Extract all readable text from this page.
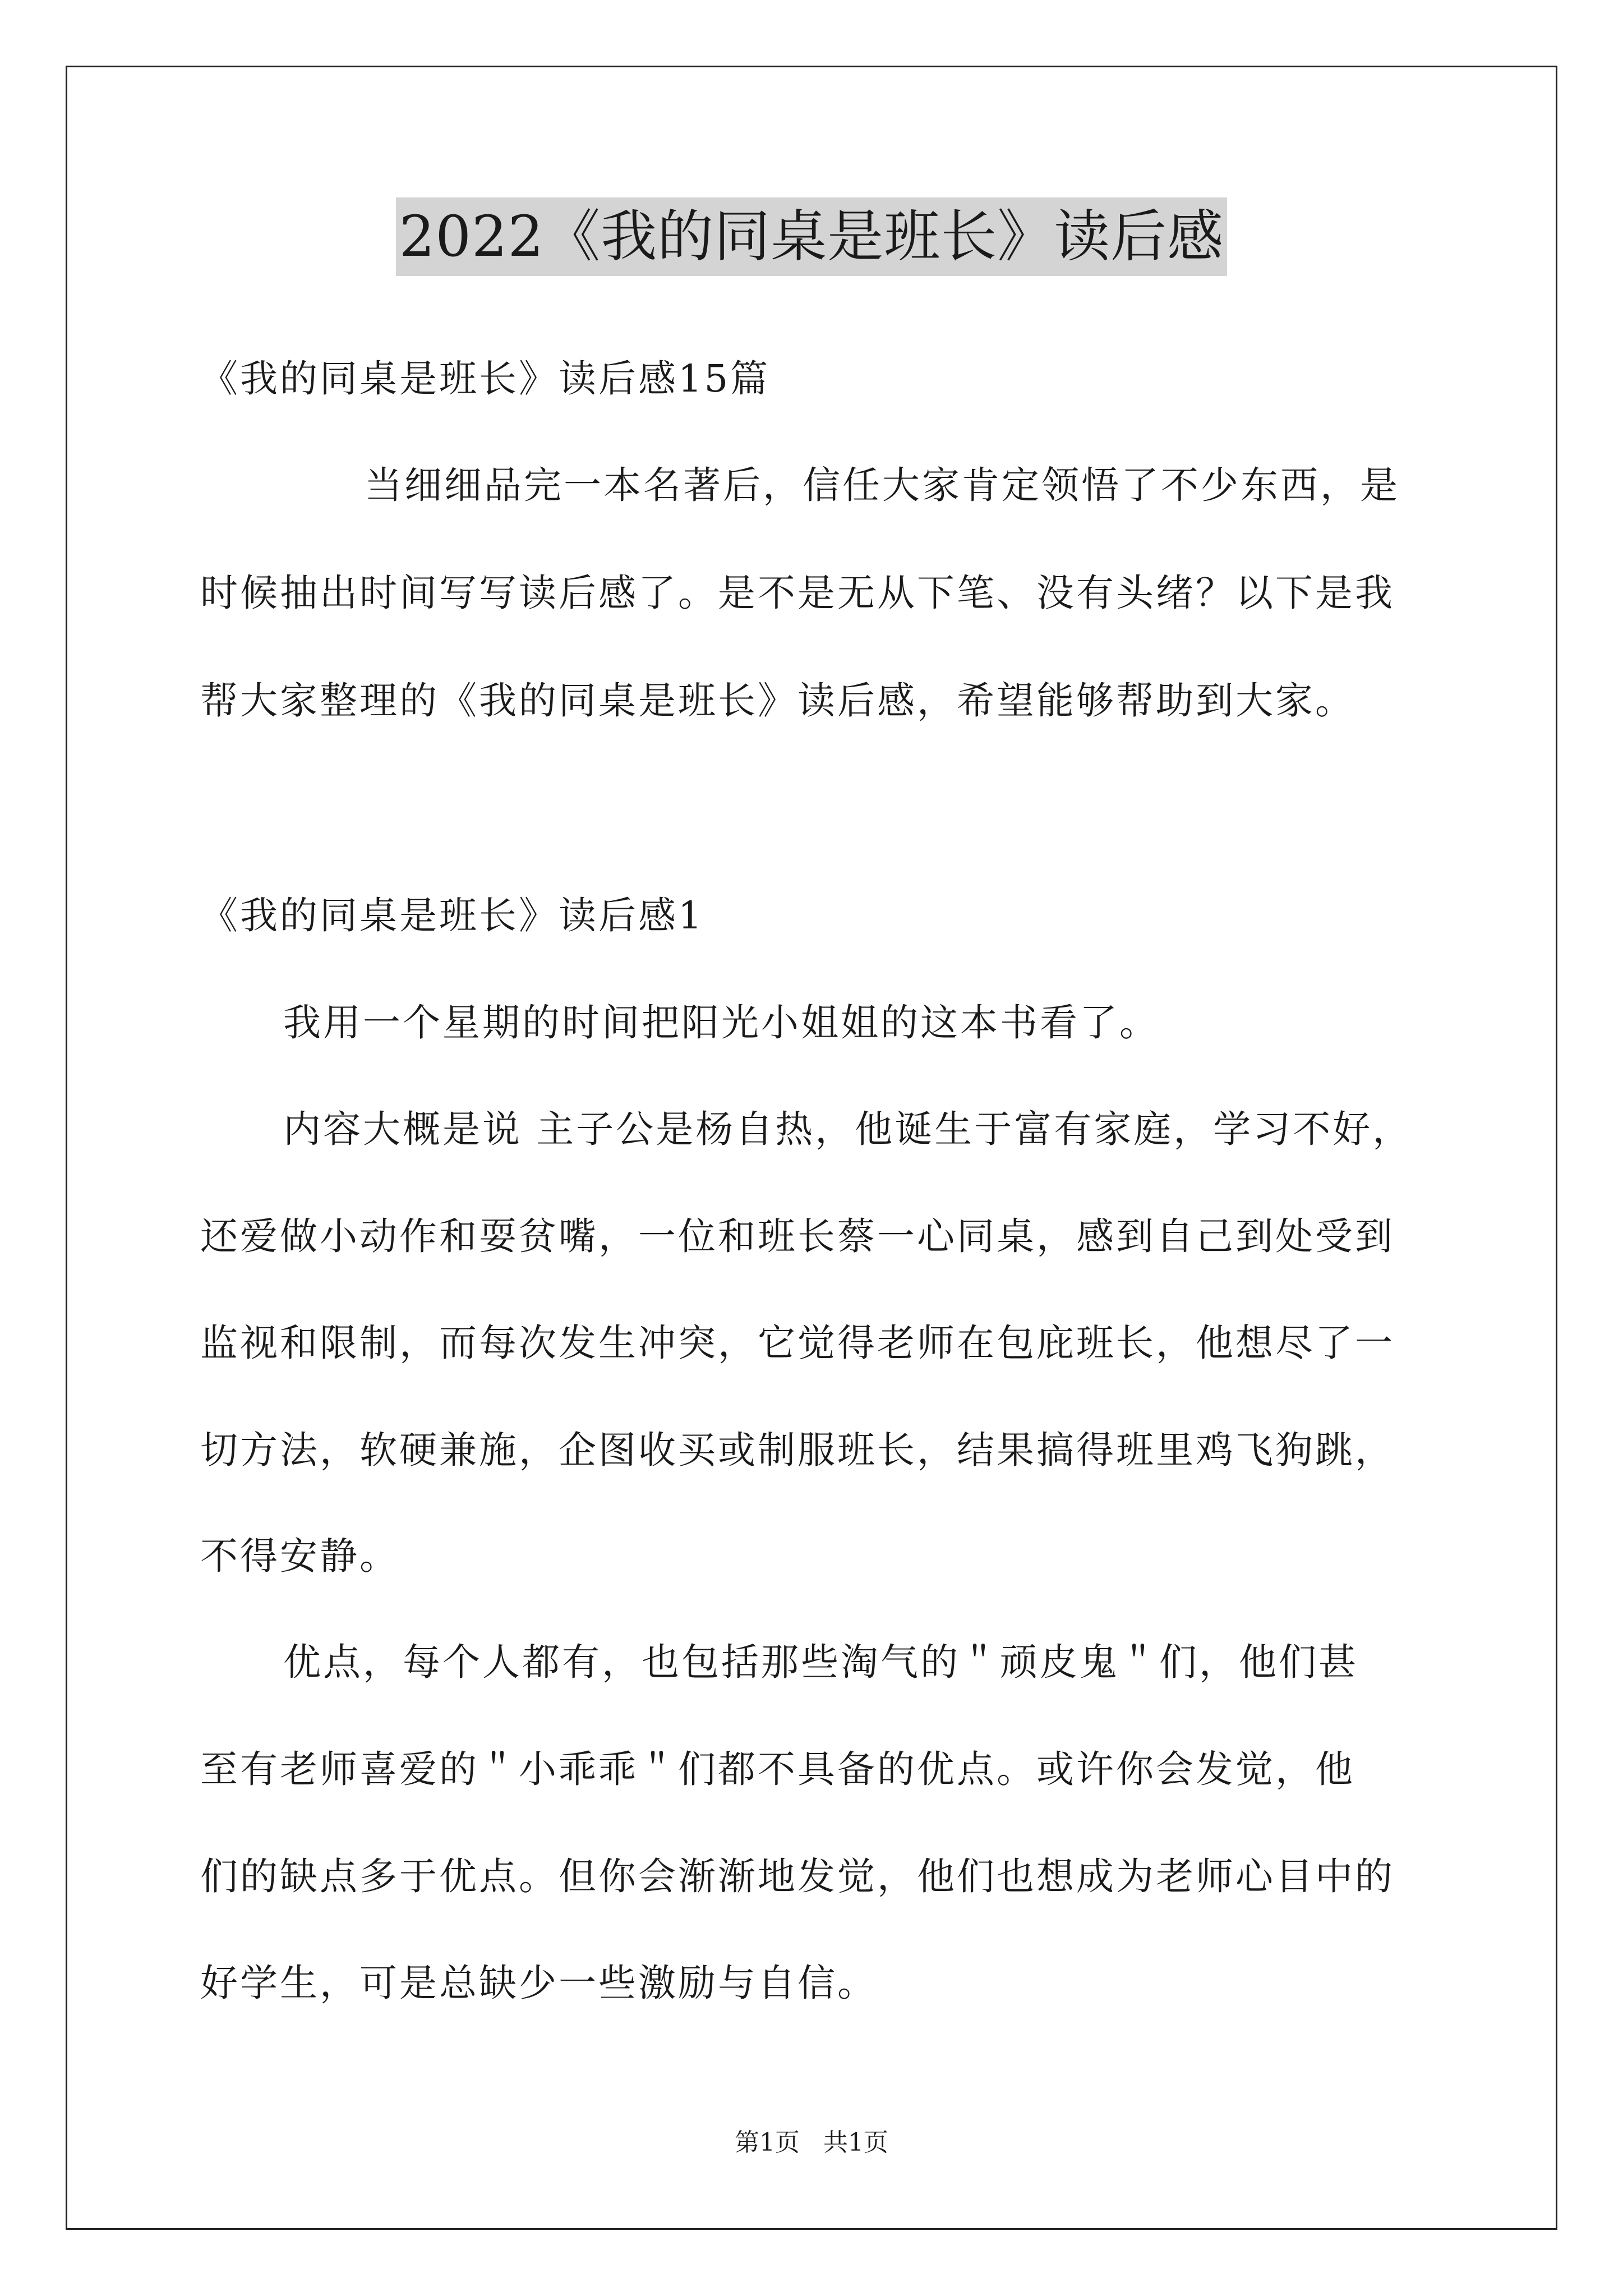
2022《我的同桌是班长》读后感
《我的同桌是班长》读后感15篇
当细细品完一本名著后，信任大家肯定领悟了不少东西，是
时候抽出时间写写读后感了。是不是无从下笔、没有头绪？以下是我
帮大家整理的《我的同桌是班长》读后感，希望能够帮助到大家。
《我的同桌是班长》读后感1
我用一个星期的时间把阳光小姐姐的这本书看了。
内容大概是说 主子公是杨自热，他诞生于富有家庭，学习不好，
还爱做小动作和耍贫嘴，一位和班长蔡一心同桌，感到自己到处受到
监视和限制，而每次发生冲突，它觉得老师在包庇班长，他想尽了一
切方法，软硬兼施，企图收买或制服班长，结果搞得班里鸡飞狗跳，
不得安静。
优点，每个人都有，也包括那些淘气的＂顽皮鬼＂们，他们甚
至有老师喜爱的＂小乖乖＂们都不具备的优点。或许你会发觉，他
们的缺点多于优点。但你会渐渐地发觉，他们也想成为老师心目中的
好学生，可是总缺少一些激励与自信。
第1页 共1页
